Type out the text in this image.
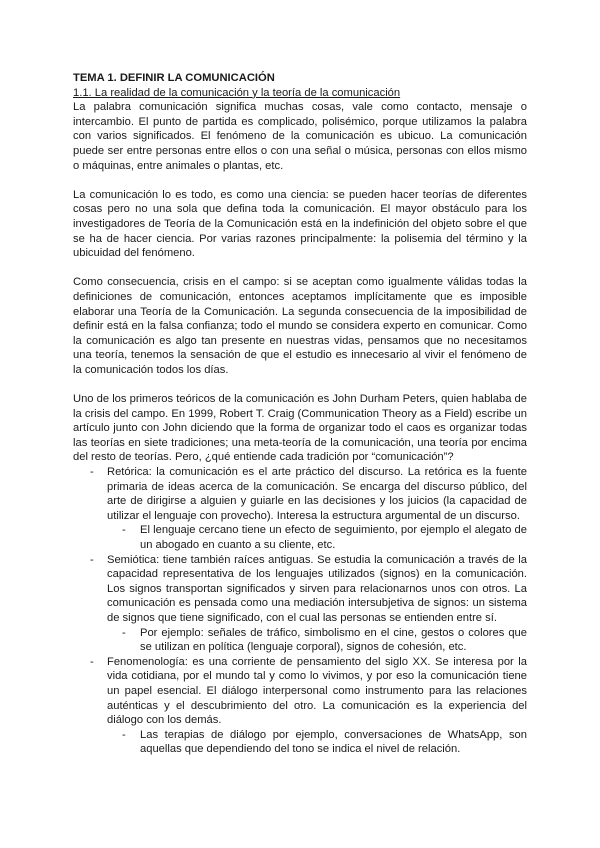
TEMA 1. DEFINIR LA COMUNICACIÓN
1.1. La realidad de la comunicación y la teoría de la comunicación

La palabra comunicación significa muchas cosas, vale como contacto, mensaje o intercambio. El punto de partida es complicado, polisémico, porque utilizamos la palabra con varios significados. El fenómeno de la comunicación es ubicuo. La comunicación puede ser entre personas entre ellos o con una señal o música, personas con ellos mismo o máquinas, entre animales o plantas, etc.

La comunicación lo es todo, es como una ciencia: se pueden hacer teorías de diferentes cosas pero no una sola que defina toda la comunicación. El mayor obstáculo para los investigadores de Teoría de la Comunicación está en la indefinición del objeto sobre el que se ha de hacer ciencia. Por varias razones principalmente: la polisemia del término y la ubicuidad del fenómeno.

Como consecuencia, crisis en el campo: si se aceptan como igualmente válidas todas la definiciones de comunicación, entonces aceptamos implícitamente que es imposible elaborar una Teoría de la Comunicación. La segunda consecuencia de la imposibilidad de definir está en la falsa confianza; todo el mundo se considera experto en comunicar. Como la comunicación es algo tan presente en nuestras vidas, pensamos que no necesitamos una teoría, tenemos la sensación de que el estudio es innecesario al vivir el fenómeno de la comunicación todos los días.

Uno de los primeros teóricos de la comunicación es John Durham Peters, quien hablaba de la crisis del campo. En 1999, Robert T. Craig (Communication Theory as a Field) escribe un artículo junto con John diciendo que la forma de organizar todo el caos es organizar todas las teorías en siete tradiciones; una meta-teoría de la comunicación, una teoría por encima del resto de teorías. Pero, ¿qué entiende cada tradición por “comunicación”?

- Retórica: la comunicación es el arte práctico del discurso. La retórica es la fuente primaria de ideas acerca de la comunicación. Se encarga del discurso público, del arte de dirigirse a alguien y guiarle en las decisiones y los juicios (la capacidad de utilizar el lenguaje con provecho). Interesa la estructura argumental de un discurso.
- El lenguaje cercano tiene un efecto de seguimiento, por ejemplo el alegato de un abogado en cuanto a su cliente, etc.
- Semiótica: tiene también raíces antiguas. Se estudia la comunicación a través de la capacidad representativa de los lenguajes utilizados (signos) en la comunicación. Los signos transportan significados y sirven para relacionarnos unos con otros. La comunicación es pensada como una mediación intersubjetiva de signos: un sistema de signos que tiene significado, con el cual las personas se entienden entre sí.
- Por ejemplo: señales de tráfico, simbolismo en el cine, gestos o colores que se utilizan en política (lenguaje corporal), signos de cohesión, etc.
- Fenomenología: es una corriente de pensamiento del siglo XX. Se interesa por la vida cotidiana, por el mundo tal y como lo vivimos, y por eso la comunicación tiene un papel esencial. El diálogo interpersonal como instrumento para las relaciones auténticas y el descubrimiento del otro. La comunicación es la experiencia del diálogo con los demás.
- Las terapias de diálogo por ejemplo, conversaciones de WhatsApp, son aquellas que dependiendo del tono se indica el nivel de relación.
